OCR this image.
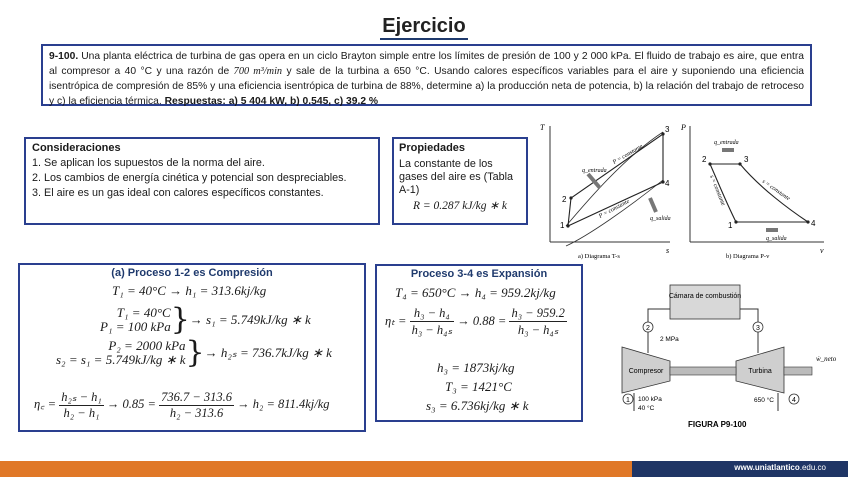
Ejercicio
9-100. Una planta eléctrica de turbina de gas opera en un ciclo Brayton simple entre los límites de presión de 100 y 2 000 kPa. El fluido de trabajo es aire, que entra al compresor a 40 °C y una razón de 700 m³/min y sale de la turbina a 650 °C. Usando calores específicos variables para el aire y suponiendo una eficiencia isentrópica de compresión de 85% y una eficiencia isentrópica de turbina de 88%, determine a) la producción neta de potencia, b) la relación del trabajo de retroceso y c) la eficiencia térmica. Respuestas: a) 5 404 kW, b) 0.545, c) 39.2 %
Consideraciones
1. Se aplican los supuestos de la norma del aire.
2. Los cambios de energía cinética y potencial son despreciables.
3. El aire es un gas ideal con calores específicos constantes.
Propiedades
La constante de los gases del aire es (Tabla A-1)
R = 0.287 kJ/kg ∗ k
(a) Proceso 1-2 es Compresión
T₁ = 40°C → h₁ = 313.6kj/kg
T₁ = 40°C
P₁ = 100 kPa }→ s₁ = 5.749kJ/kg ∗ k
P₂ = 2000 kPa
s₂ = s₁ = 5.749kJ/kg ∗ k }→ h₂ₛ = 736.7kJ/kg ∗ k
η꜀ = $\frac{\text{h₂ₛ − h₁}}{\text{h₂ − h₁}} \to 0.85 = \frac{736.7 - 313.6}{\text{h₂ − 313.6}} \to h_2 = 811.4kj/kg$
Proceso 3-4 es Expansión
T₄ = 650°C → h₄ = 959.2kj/kg
$\eta_t = \frac{\text{h₃ − h₄}}{\text{h₃ − h₄ₛ}} \to 0.88 = \frac{\text{h₃ − 959.2}}{\text{h₃ − h₄ₛ}}$
h₃ = 1873kj/kg
T₃ = 1421°C
s₃ = 6.736kj/kg ∗ k
T
s
1
2
3
4
q_entrada
q_salida
P = constante
P = constante
a) Diagrama T-s
P
v
2	3
4
1
q_entrada
q_salida
s = constante	s = constante
b) Diagrama P-v
Cámara de combustión
2	3
2 MPa
Compresor	Turbina
ẇ_neto
1 100 kPa
40 °C
4
650 °C
FIGURA P9-100
www.uniatlantico.edu.co
